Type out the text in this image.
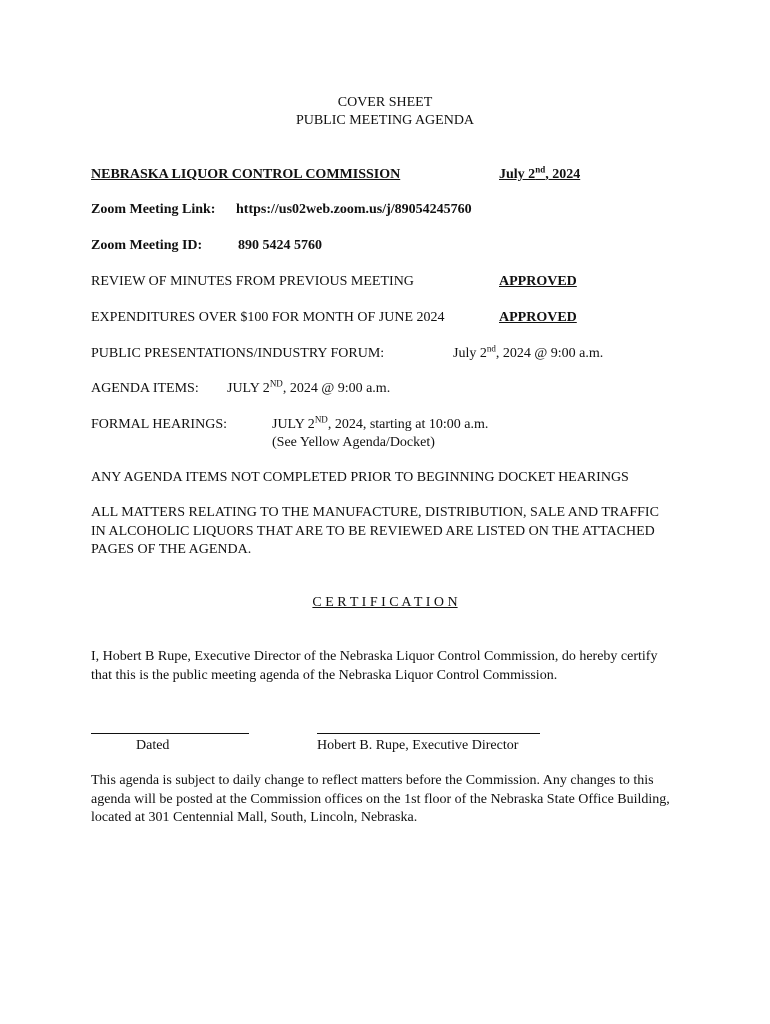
COVER SHEET
PUBLIC MEETING AGENDA
NEBRASKA LIQUOR CONTROL COMMISSION	July 2nd, 2024
Zoom Meeting Link: https://us02web.zoom.us/j/89054245760
Zoom Meeting ID:	890 5424 5760
REVIEW OF MINUTES FROM PREVIOUS MEETING	APPROVED
EXPENDITURES OVER $100 FOR MONTH OF JUNE 2024	APPROVED
PUBLIC PRESENTATIONS/INDUSTRY FORUM:	July 2nd, 2024 @ 9:00 a.m.
AGENDA ITEMS: JULY 2ND, 2024 @ 9:00 a.m.
FORMAL HEARINGS:	JULY 2ND, 2024, starting at 10:00 a.m.
(See Yellow Agenda/Docket)
ANY AGENDA ITEMS NOT COMPLETED PRIOR TO BEGINNING DOCKET HEARINGS
ALL MATTERS RELATING TO THE MANUFACTURE, DISTRIBUTION, SALE AND TRAFFIC IN ALCOHOLIC LIQUORS THAT ARE TO BE REVIEWED ARE LISTED ON THE ATTACHED PAGES OF THE AGENDA.
C E R T I F I C A T I O N
I, Hobert B Rupe, Executive Director of the Nebraska Liquor Control Commission, do hereby certify that this is the public meeting agenda of the Nebraska Liquor Control Commission.
Dated	Hobert B. Rupe, Executive Director
This agenda is subject to daily change to reflect matters before the Commission. Any changes to this agenda will be posted at the Commission offices on the 1st floor of the Nebraska State Office Building, located at 301 Centennial Mall, South, Lincoln, Nebraska.
